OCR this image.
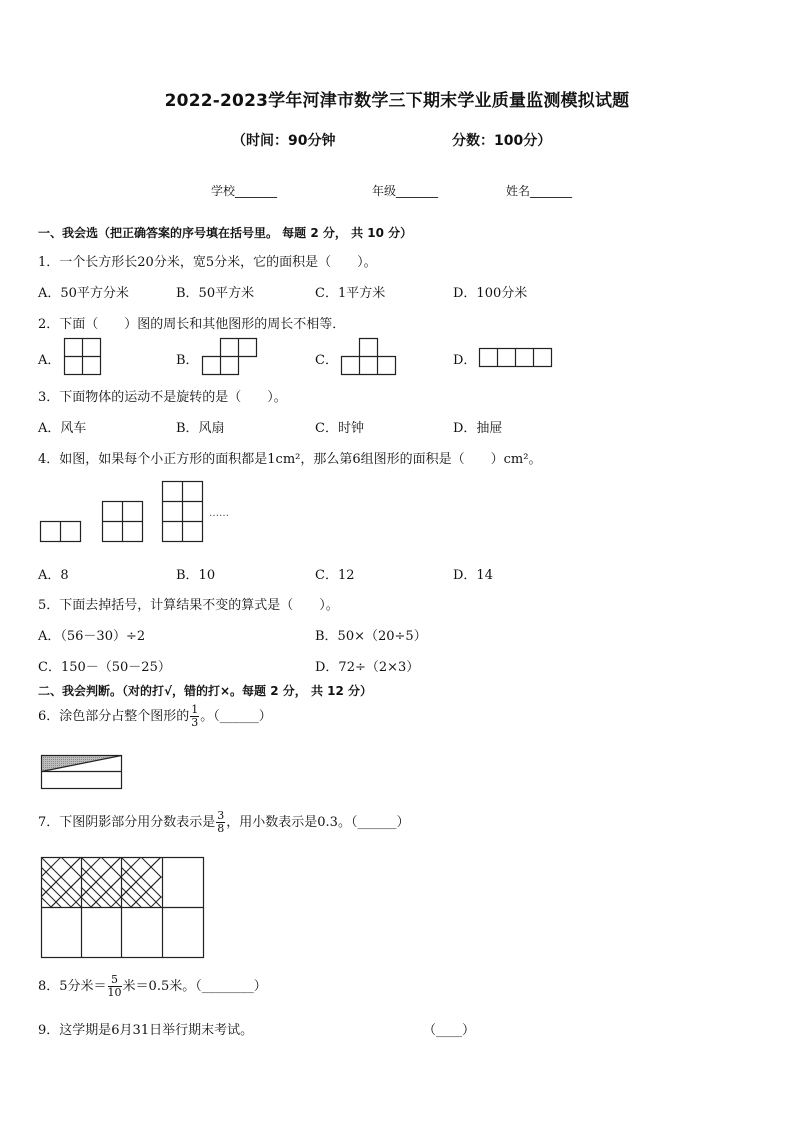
2022-2023学年河津市数学三下期末学业质量监测模拟试题
（时间：90分钟	分数：100分）
学校_______	年级_______	姓名_______
一、我会选（把正确答案的序号填在括号里。 每题 2 分， 共 10 分）
1．一个长方形长20分米，宽5分米，它的面积是（　　）。
A．50平方分米	B．50平方米	C．1平方米	D．100分米
2．下面（　　）图的周长和其他图形的周长不相等．
A．	B．	C．	D．
3．下面物体的运动不是旋转的是（　　）。
A．风车	B．风扇	C．时钟	D．抽屉
4．如图，如果每个小正方形的面积都是1cm²，那么第6组图形的面积是（　　）cm²。
……
A．8	B．10	C．12	D．14
5．下面去掉括号，计算结果不变的算式是（　　）。
A．（56－30）÷2	B．50×（20÷5）
C．150－（50－25）	D．72÷（2×3）
二、我会判断。（对的打√，错的打×。每题 2 分， 共 12 分）
6．涂色部分占整个图形的 $\frac{1}{3}$ 。（______）
7．下图阴影部分用分数表示是 $\frac{3}{8}$ ，用小数表示是0.3。（______）
8．5分米＝ $\frac{5}{10}$ 米＝0.5米。（________）
9．这学期是6月31日举行期末考试。	（____）
